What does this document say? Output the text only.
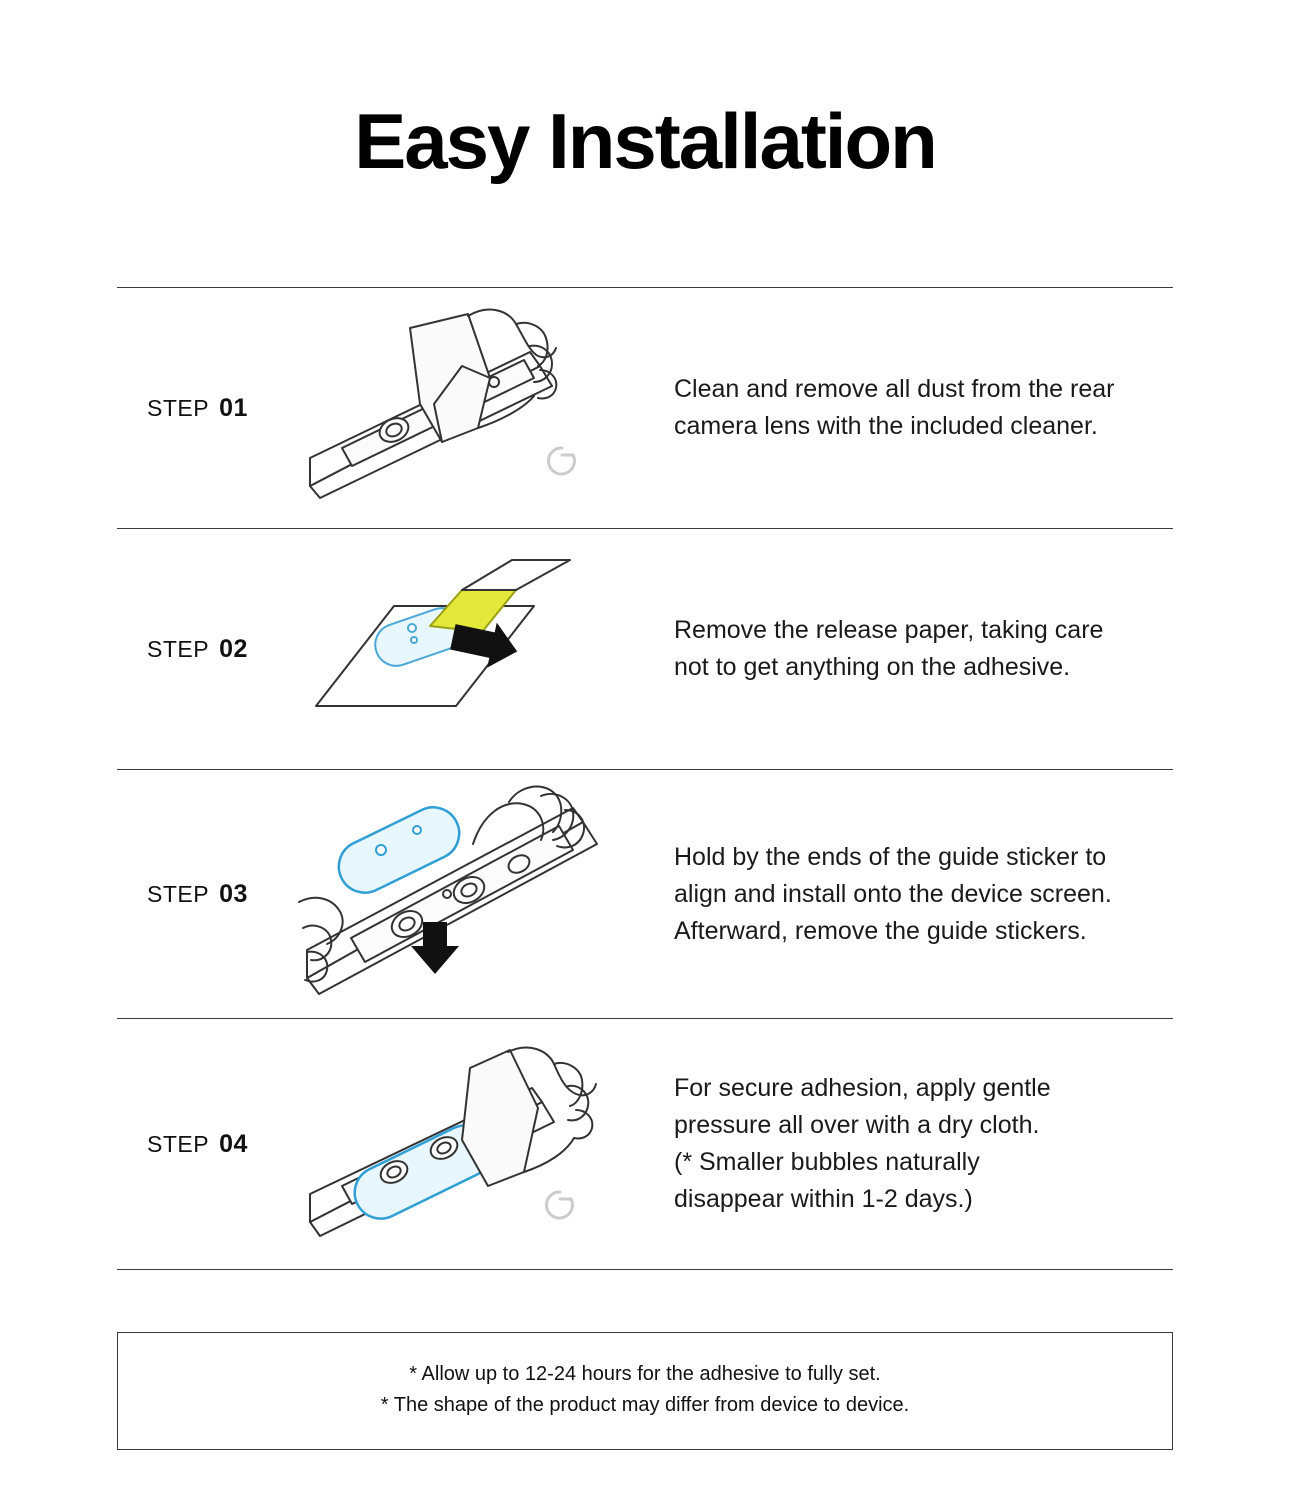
Easy Installation
STEP 01
Clean and remove all dust from the rear
camera lens with the included cleaner.
STEP 02
Remove the release paper, taking care
not to get anything on the adhesive.
STEP 03
Hold by the ends of the guide sticker to
align and install onto the device screen.
Afterward, remove the guide stickers.
STEP 04
For secure adhesion, apply gentle
pressure all over with a dry cloth.
(* Smaller bubbles naturally
disappear within 1-2 days.)
* Allow up to 12-24 hours for the adhesive to fully set.
* The shape of the product may differ from device to device.
